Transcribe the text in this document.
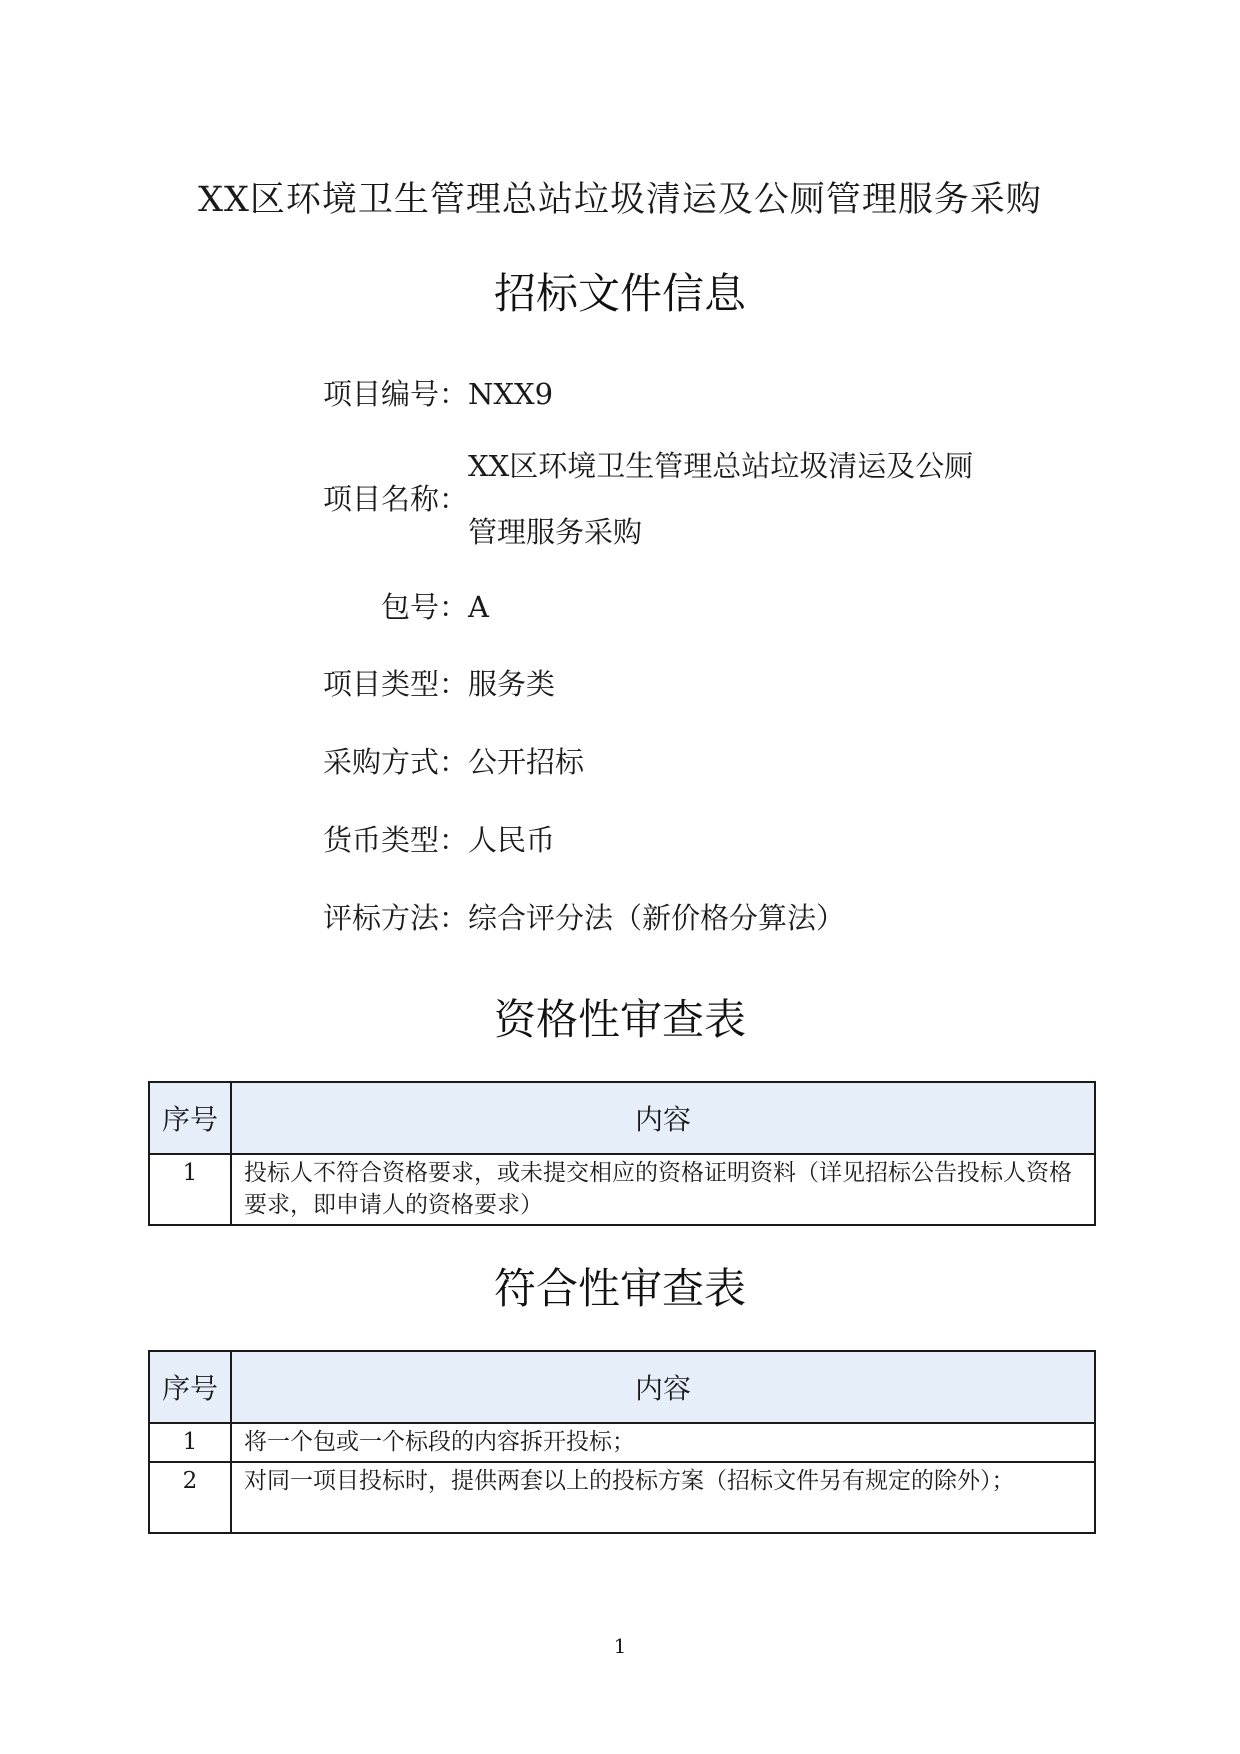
XX区环境卫生管理总站垃圾清运及公厕管理服务采购
招标文件信息
项目编号： NXX9
项目名称：
XX区环境卫生管理总站垃圾清运及公厕管理服务采购
包号： A
项目类型： 服务类
采购方式： 公开招标
货币类型： 人民币
评标方法： 综合评分法（新价格分算法）
资格性审查表
序号	内容
1	投标人不符合资格要求，或未提交相应的资格证明资料（详见招标公告投标人资格要求，即申请人的资格要求）
符合性审查表
序号	内容
1	将一个包或一个标段的内容拆开投标；
2	对同一项目投标时，提供两套以上的投标方案（招标文件另有规定的除外）；
1
